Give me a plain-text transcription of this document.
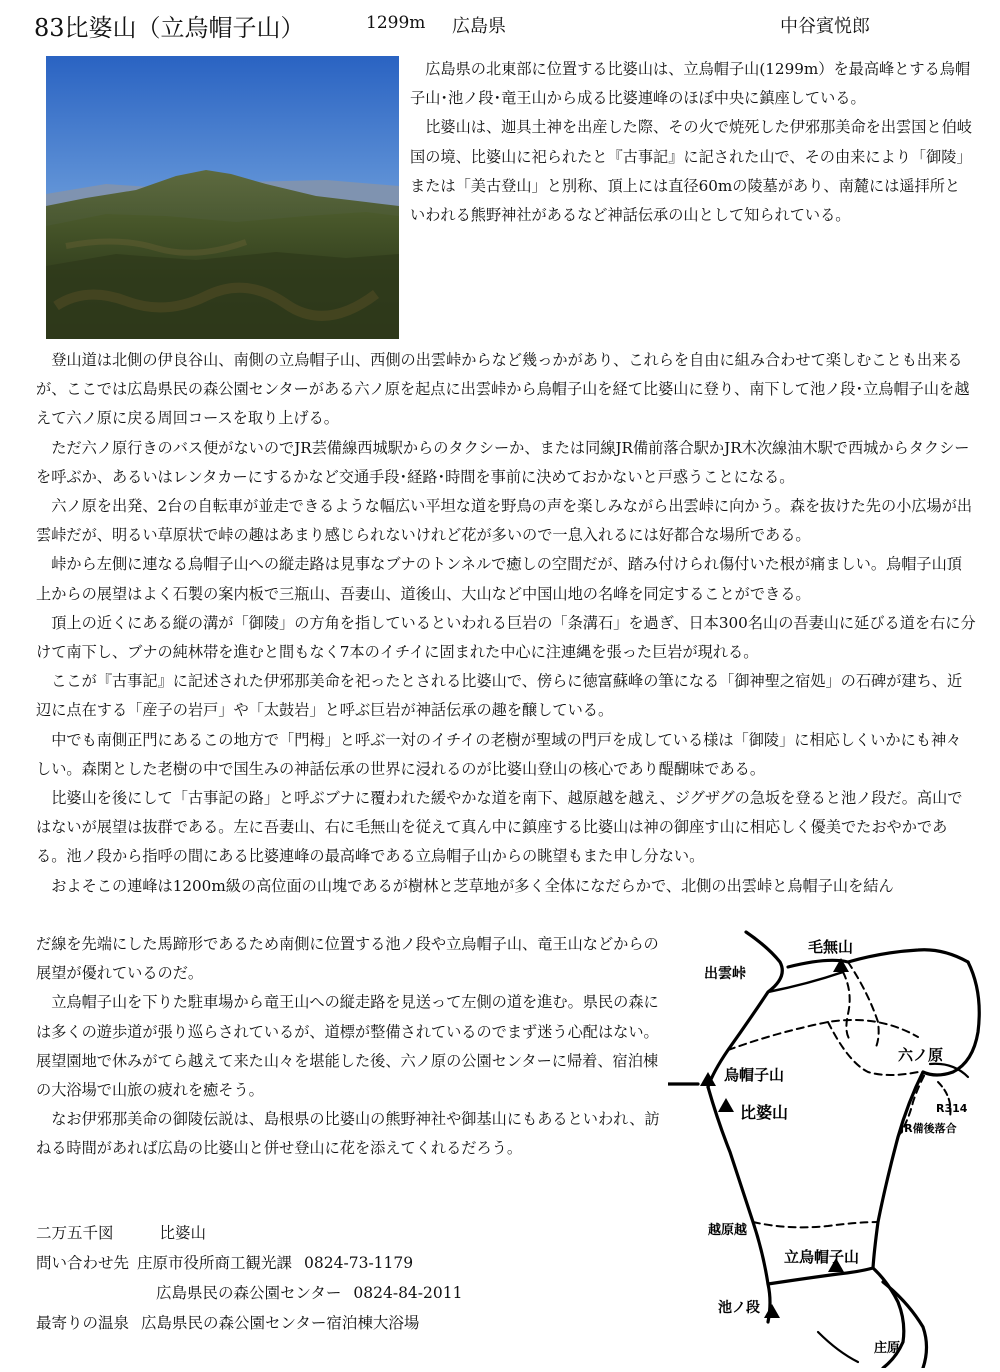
83比婆山（立烏帽子山）	1299m 広島県	中谷賓悦郎

広島県の北東部に位置する比婆山は、立烏帽子山(1299m）を最高峰とする烏帽子山･池ノ段･竜王山から成る比婆連峰のほぼ中央に鎮座している。

比婆山は、迦具土神を出産した際、その火で焼死した伊邪那美命を出雲国と伯岐国の境、比婆山に祀られたと『古事記』に記された山で、その由来により「御陵」または「美古登山」と別称、頂上には直径60mの陵墓があり、南麓には遥拝所といわれる熊野神社があるなど神話伝承の山として知られている。

登山道は北側の伊良谷山、南側の立烏帽子山、西側の出雲峠からなど幾っかがあり、これらを自由に組み合わせて楽しむことも出来るが、ここでは広島県民の森公園センターがある六ノ原を起点に出雲峠から烏帽子山を経て比婆山に登り、南下して池ノ段･立烏帽子山を越えて六ノ原に戻る周回コースを取り上げる。

ただ六ノ原行きのバス便がないのでJR芸備線西城駅からのタクシーか、または同線JR備前落合駅かJR木次線油木駅で西城からタクシーを呼ぶか、あるいはレンタカーにするかなど交通手段･経路･時間を事前に決めておかないと戸惑うことになる。

六ノ原を出発、2台の自転車が並走できるような幅広い平坦な道を野鳥の声を楽しみながら出雲峠に向かう。森を抜けた先の小広場が出雲峠だが、明るい草原状で峠の趣はあまり感じられないけれど花が多いので一息入れるには好都合な場所である。

峠から左側に連なる烏帽子山への縦走路は見事なブナのトンネルで癒しの空間だが、踏み付けられ傷付いた根が痛ましい。烏帽子山頂上からの展望はよく石製の案内板で三瓶山、吾妻山、道後山、大山など中国山地の名峰を同定することができる。

頂上の近くにある縦の溝が「御陵」の方角を指しているといわれる巨岩の「条溝石」を過ぎ、日本300名山の吾妻山に延びる道を右に分けて南下し、ブナの純林帯を進むと間もなく7本のイチイに固まれた中心に注連縄を張った巨岩が現れる。

ここが『古事記』に記述された伊邪那美命を祀ったとされる比婆山で、傍らに徳富蘇峰の筆になる「御神聖之宿処」の石碑が建ち、近辺に点在する「産子の岩戸」や「太鼓岩」と呼ぶ巨岩が神話伝承の趣を醸している。

中でも南側正門にあるこの地方で「門栂」と呼ぶ一対のイチイの老樹が聖域の門戸を成している様は「御陵」に相応しくいかにも神々しい。森閑とした老樹の中で国生みの神話伝承の世界に浸れるのが比婆山登山の核心であり醍醐味である。

比婆山を後にして「古事記の路」と呼ぶブナに覆われた緩やかな道を南下、越原越を越え、ジグザグの急坂を登ると池ノ段だ。高山ではないが展望は抜群である。左に吾妻山、右に毛無山を従えて真ん中に鎮座する比婆山は神の御座す山に相応しく優美でたおやかである。池ノ段から指呼の間にある比婆連峰の最高峰である立烏帽子山からの眺望もまた申し分ない。

およそこの連峰は1200m級の高位面の山塊であるが樹林と芝草地が多く全体になだらかで、北側の出雲峠と烏帽子山を結ん

だ線を先端にした馬蹄形であるため南側に位置する池ノ段や立烏帽子山、竜王山などからの展望が優れているのだ。

立烏帽子山を下りた駐車場から竜王山への縦走路を見送って左側の道を進む。県民の森には多くの遊歩道が張り巡らされているが、道標が整備されているのでまず迷う心配はない。展望園地で休みがてら越えて来た山々を堪能した後、六ノ原の公園センターに帰着、宿泊棟の大浴場で山旅の疲れを癒そう。

なお伊邪那美命の御陵伝説は、島根県の比婆山の熊野神社や御基山にもあるといわれ、訪ねる時間があれば広島の比婆山と併せ登山に花を添えてくれるだろう。

二万五千図	比婆山
問い合わせ先 庄原市役所商工観光課 0824-73-1179
広島県民の森公園センター 0824-84-2011
最寄りの温泉 広島県民の森公園センター宿泊棟大浴場
毛無山
出雲峠
六ノ原
烏帽子山
比婆山	R314
JR備後落合
越原越
立烏帽子山
池ノ段
庄原
